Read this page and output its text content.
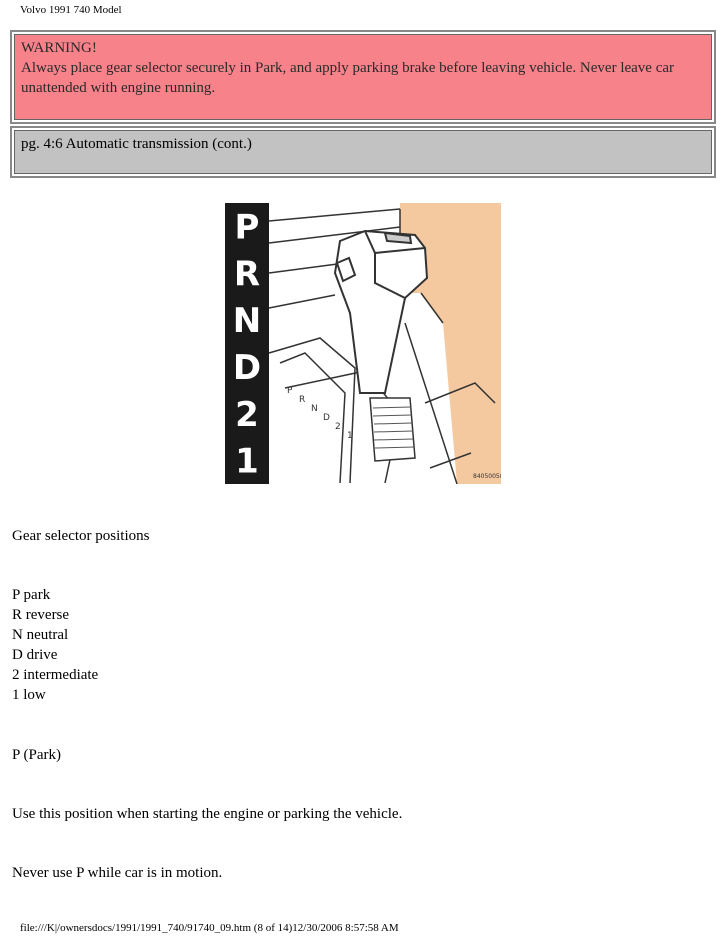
Volvo 1991 740 Model
WARNING!
Always place gear selector securely in Park, and apply parking brake before leaving vehicle. Never leave car unattended with engine running.
pg. 4:6 Automatic transmission (cont.)
P
R
N
D
2
1
P
R
N
D
2
1
84050058
Gear selector positions
P park
R reverse
N neutral
D drive
2 intermediate
1 low
P (Park)
Use this position when starting the engine or parking the vehicle.
Never use P while car is in motion.
file:///K|/ownersdocs/1991/1991_740/91740_09.htm (8 of 14)12/30/2006 8:57:58 AM
